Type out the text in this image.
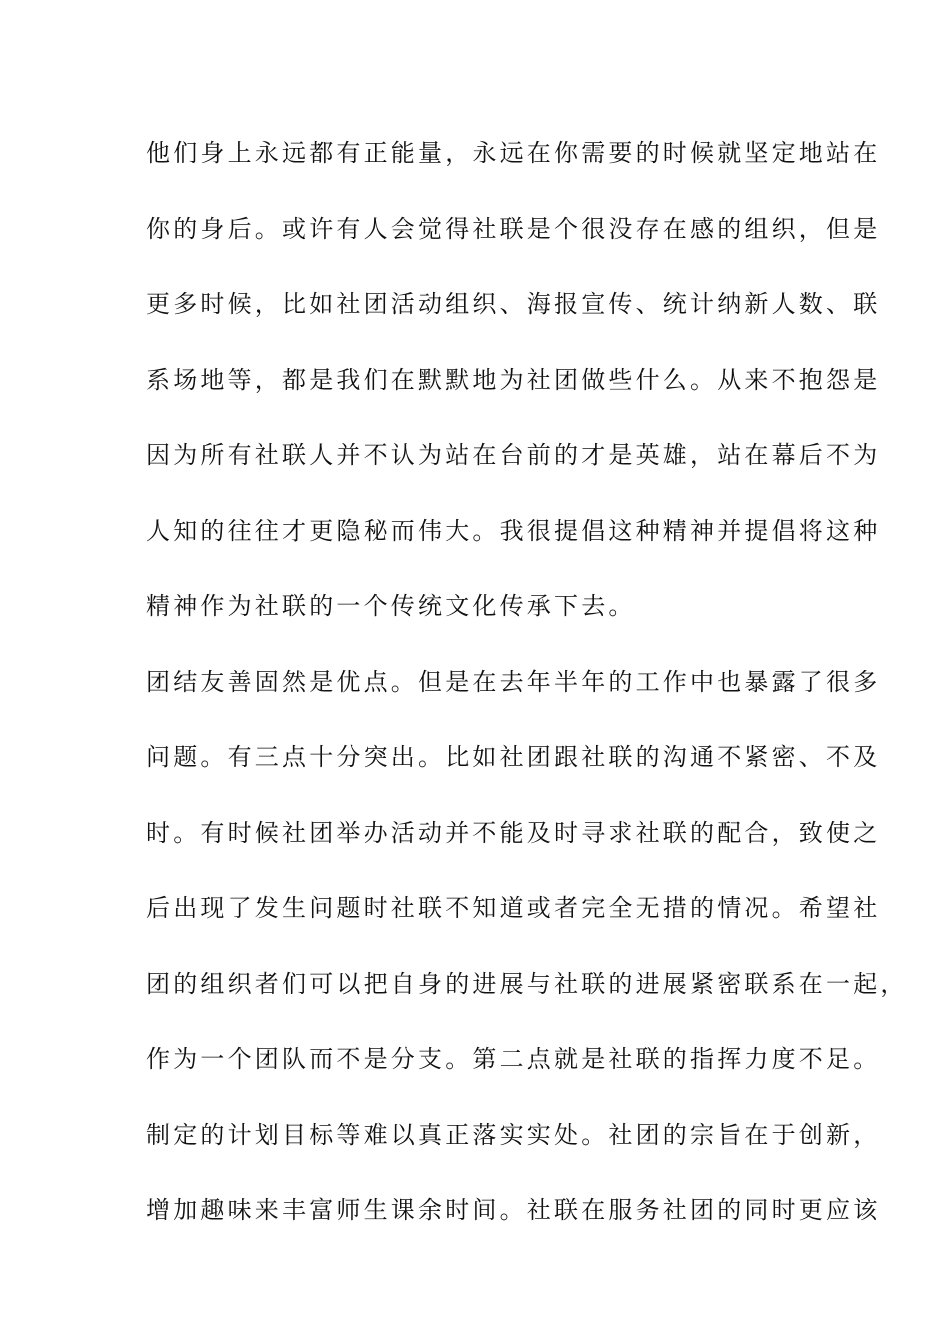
他们身上永远都有正能量，永远在你需要的时候就坚定地站在
你的身后。或许有人会觉得社联是个很没存在感的组织，但是
更多时候，比如社团活动组织、海报宣传、统计纳新人数、联
系场地等，都是我们在默默地为社团做些什么。从来不抱怨是
因为所有社联人并不认为站在台前的才是英雄，站在幕后不为
人知的往往才更隐秘而伟大。我很提倡这种精神并提倡将这种
精神作为社联的一个传统文化传承下去。
团结友善固然是优点。但是在去年半年的工作中也暴露了很多
问题。有三点十分突出。比如社团跟社联的沟通不紧密、不及
时。有时候社团举办活动并不能及时寻求社联的配合，致使之
后出现了发生问题时社联不知道或者完全无措的情况。希望社
团的组织者们可以把自身的进展与社联的进展紧密联系在一起，
作为一个团队而不是分支。第二点就是社联的指挥力度不足。
制定的计划目标等难以真正落实实处。社团的宗旨在于创新，
增加趣味来丰富师生课余时间。社联在服务社团的同时更应该
